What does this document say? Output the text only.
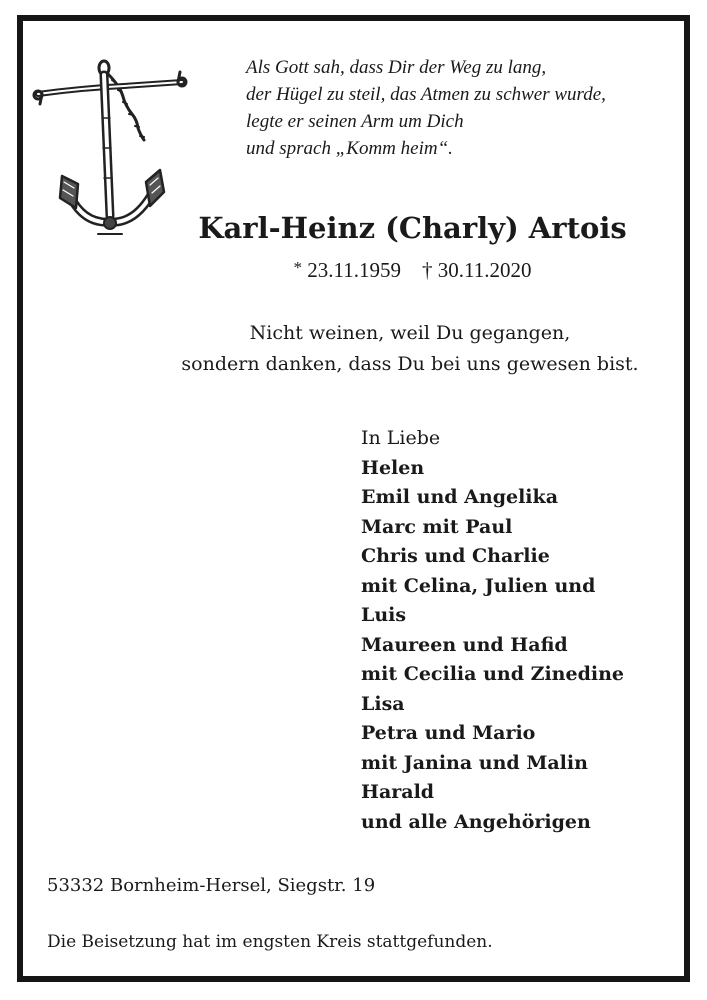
Als Gott sah, dass Dir der Weg zu lang,
der Hügel zu steil, das Atmen zu schwer wurde,
legte er seinen Arm um Dich
und sprach „Komm heim“.
Karl-Heinz (Charly) Artois
* 23.11.1959 † 30.11.2020
Nicht weinen, weil Du gegangen,
sondern danken, dass Du bei uns gewesen bist.
In Liebe
Helen
Emil und Angelika
Marc mit Paul
Chris und Charlie
mit Celina, Julien und
Luis
Maureen und Hafid
mit Cecilia und Zinedine
Lisa
Petra und Mario
mit Janina und Malin
Harald
und alle Angehörigen
53332 Bornheim-Hersel, Siegstr. 19
Die Beisetzung hat im engsten Kreis stattgefunden.
